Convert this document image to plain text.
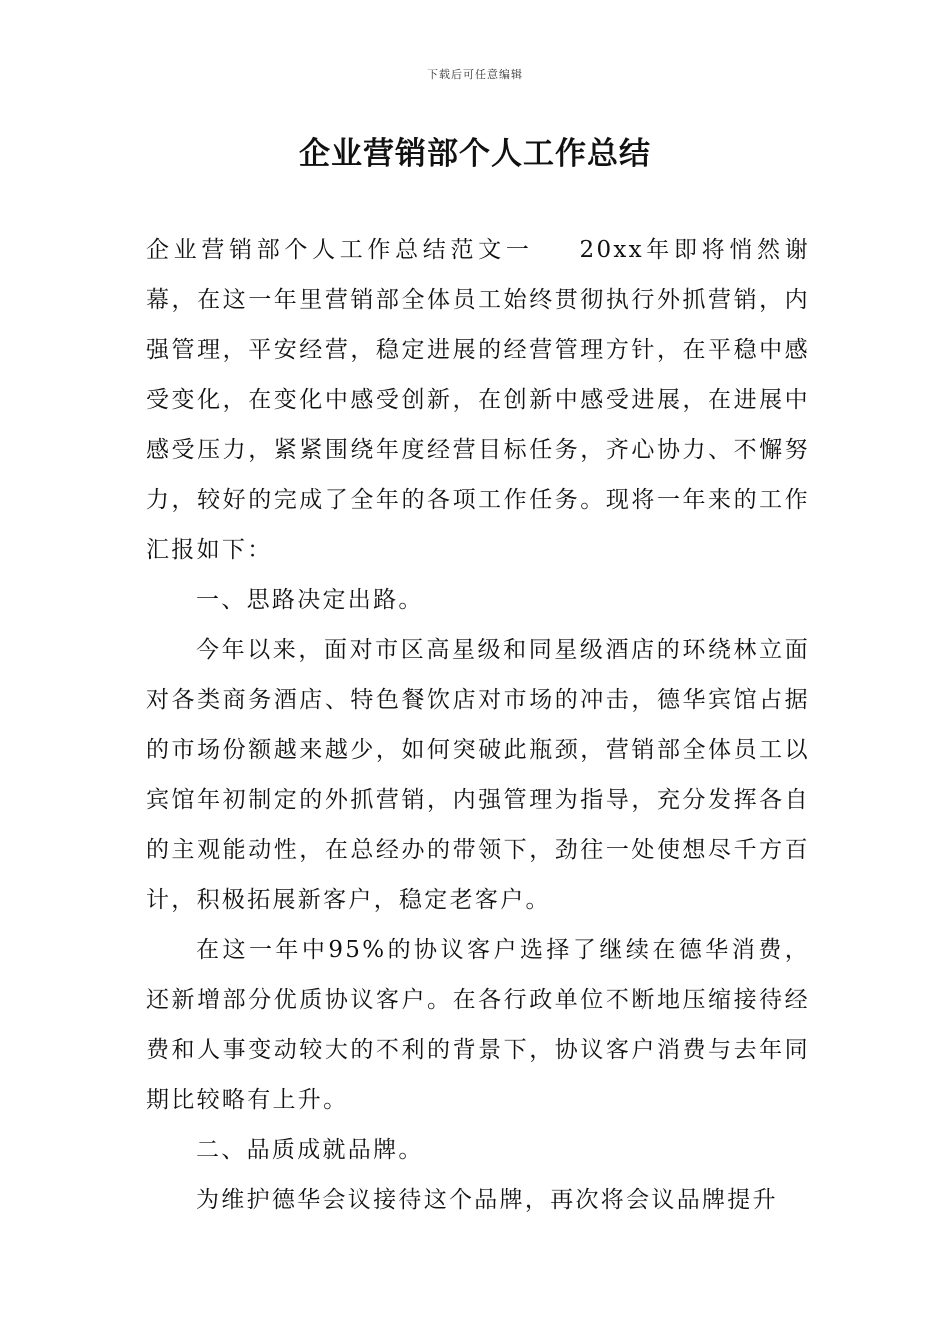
下载后可任意编辑
企业营销部个人工作总结

企业营销部个人工作总结范文一 20xx年即将悄然谢幕，在这一年里营销部全体员工始终贯彻执行外抓营销，内强管理，平安经营，稳定进展的经营管理方针，在平稳中感受变化，在变化中感受创新，在创新中感受进展，在进展中感受压力，紧紧围绕年度经营目标任务，齐心协力、不懈努力，较好的完成了全年的各项工作任务。现将一年来的工作汇报如下：

一、思路决定出路。

今年以来，面对市区高星级和同星级酒店的环绕林立面对各类商务酒店、特色餐饮店对市场的冲击，德华宾馆占据的市场份额越来越少，如何突破此瓶颈，营销部全体员工以宾馆年初制定的外抓营销，内强管理为指导，充分发挥各自的主观能动性，在总经办的带领下，劲往一处使想尽千方百计，积极拓展新客户，稳定老客户。

在这一年中95%的协议客户选择了继续在德华消费，还新增部分优质协议客户。在各行政单位不断地压缩接待经费和人事变动较大的不利的背景下，协议客户消费与去年同期比较略有上升。

二、品质成就品牌。

为维护德华会议接待这个品牌，再次将会议品牌提升
